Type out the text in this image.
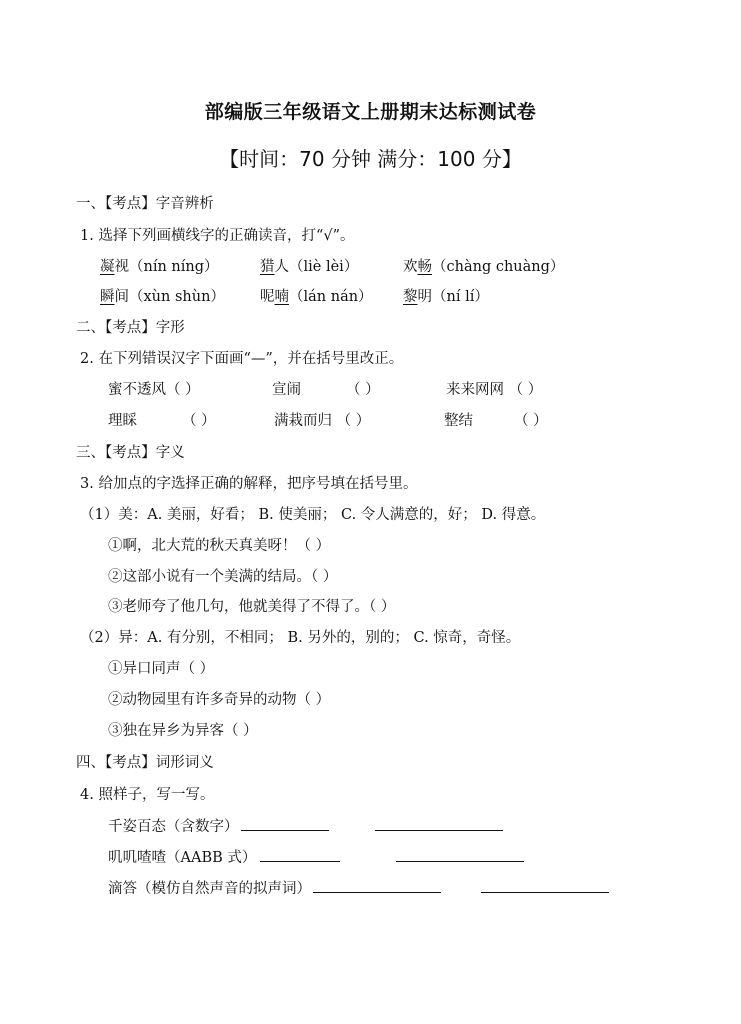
部编版三年级语文上册期末达标测试卷
【时间：70 分钟 满分：100 分】
一、【考点】字音辨析
1. 选择下列画横线字的正确读音，打“√”。
凝视（nín níng）	猎人（liè lèi）	欢畅（chàng chuàng）
瞬间（xùn shùn） 呢喃（lán nán） 黎明（ní lí）
二、【考点】字形
2. 在下列错误汉字下面画“—”，并在括号里改正。
蜜不透风（ ）	宣闹	（ ）	来来网网 （ ）
理睬	（ ）	满栽而归 （ ）	整结	（ ）
三、【考点】字义
3. 给加点的字选择正确的解释，把序号填在括号里。
（1）美：A. 美丽，好看； B. 使美丽； C. 令人满意的，好； D. 得意。
①啊，北大荒的秋天真美呀！（ ）
②这部小说有一个美满的结局。（ ）
③老师夸了他几句，他就美得了不得了。（ ）
（2）异：A. 有分别，不相同； B. 另外的，别的； C. 惊奇，奇怪。
①异口同声（ ）
②动物园里有许多奇异的动物（ ）
③独在异乡为异客（ ）
四、【考点】词形词义
4. 照样子，写一写。
千姿百态（含数字）
叽叽喳喳（AABB 式）
滴答（模仿自然声音的拟声词）
